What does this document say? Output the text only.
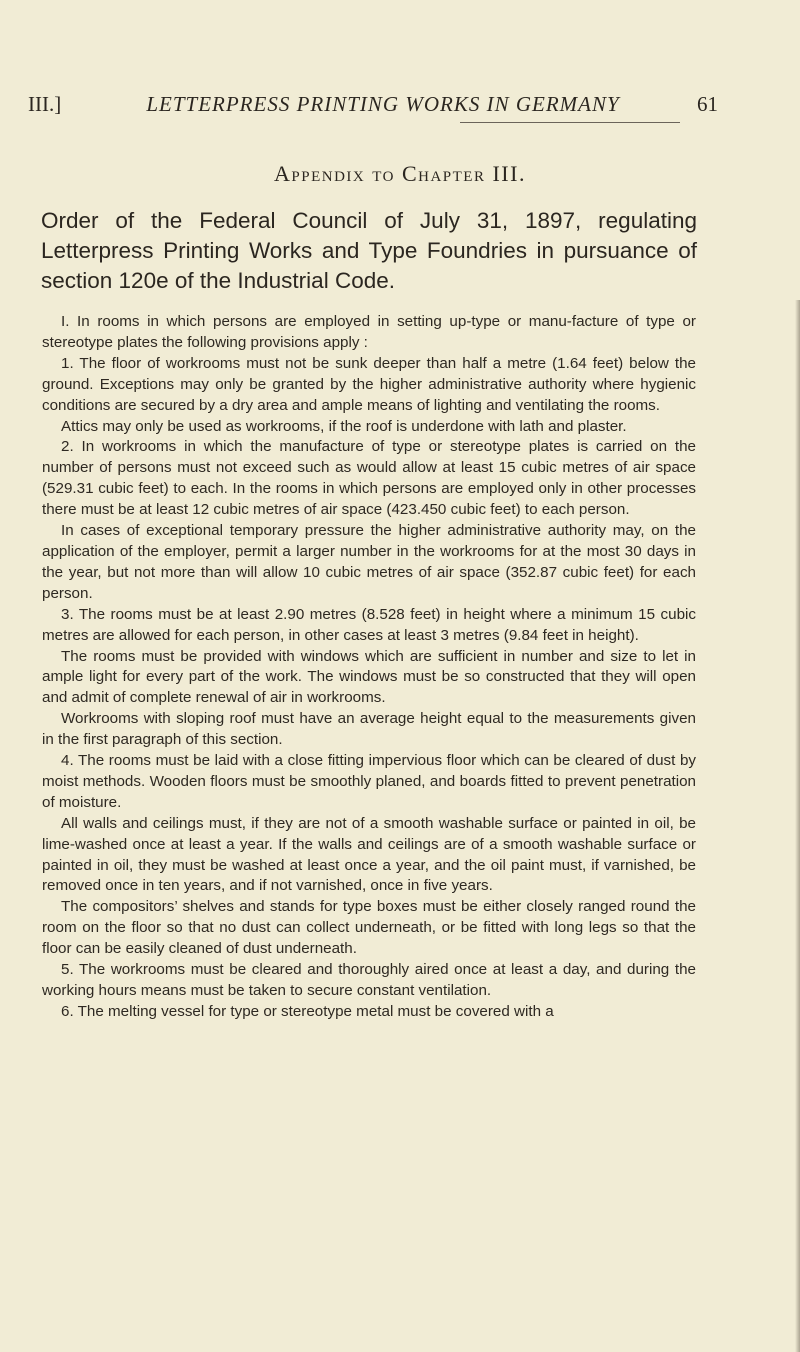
III.]	LETTERPRESS PRINTING WORKS IN GERMANY	61
Appendix to Chapter III.
Order of the Federal Council of July 31, 1897, regulating Letterpress Printing Works and Type Foundries in pursuance of section 120e of the Industrial Code.

I. In rooms in which persons are employed in setting up-type or manu-facture of type or stereotype plates the following provisions apply :

1. The floor of workrooms must not be sunk deeper than half a metre (1.64 feet) below the ground. Exceptions may only be granted by the higher administrative authority where hygienic conditions are secured by a dry area and ample means of lighting and ventilating the rooms.

Attics may only be used as workrooms, if the roof is underdone with lath and plaster.

2. In workrooms in which the manufacture of type or stereotype plates is carried on the number of persons must not exceed such as would allow at least 15 cubic metres of air space (529.31 cubic feet) to each. In the rooms in which persons are employed only in other processes there must be at least 12 cubic metres of air space (423.450 cubic feet) to each person.

In cases of exceptional temporary pressure the higher administrative authority may, on the application of the employer, permit a larger number in the workrooms for at the most 30 days in the year, but not more than will allow 10 cubic metres of air space (352.87 cubic feet) for each person.

3. The rooms must be at least 2.90 metres (8.528 feet) in height where a minimum 15 cubic metres are allowed for each person, in other cases at least 3 metres (9.84 feet in height).

The rooms must be provided with windows which are sufficient in number and size to let in ample light for every part of the work. The windows must be so constructed that they will open and admit of complete renewal of air in workrooms.

Workrooms with sloping roof must have an average height equal to the measurements given in the first paragraph of this section.

4. The rooms must be laid with a close fitting impervious floor which can be cleared of dust by moist methods. Wooden floors must be smoothly planed, and boards fitted to prevent penetration of moisture.

All walls and ceilings must, if they are not of a smooth washable surface or painted in oil, be lime-washed once at least a year. If the walls and ceilings are of a smooth washable surface or painted in oil, they must be washed at least once a year, and the oil paint must, if varnished, be removed once in ten years, and if not varnished, once in five years.

The compositors’ shelves and stands for type boxes must be either closely ranged round the room on the floor so that no dust can collect underneath, or be fitted with long legs so that the floor can be easily cleaned of dust underneath.

5. The workrooms must be cleared and thoroughly aired once at least a day, and during the working hours means must be taken to secure constant ventilation.

6. The melting vessel for type or stereotype metal must be covered with a
